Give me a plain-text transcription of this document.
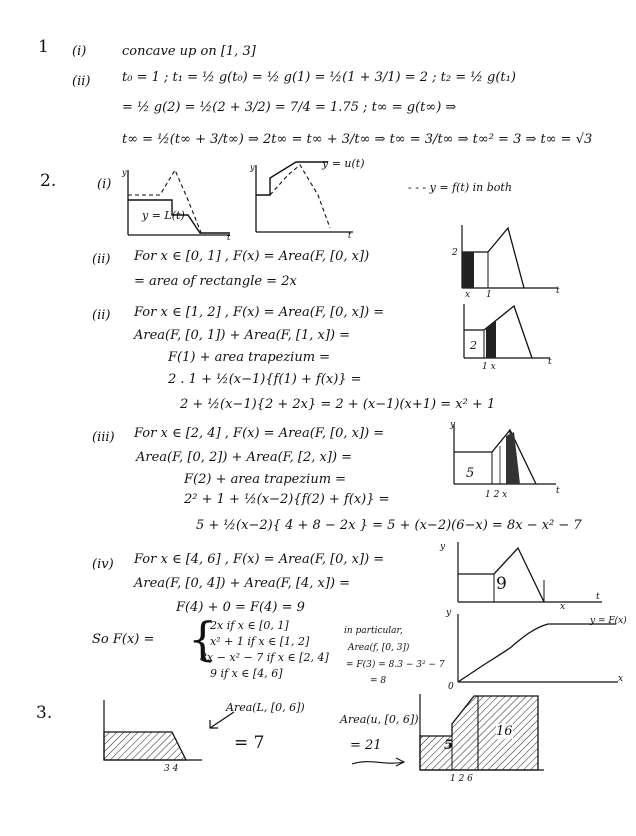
1 (i)	concave up on [1, 3]
(ii) t₀ = 1 ; t₁ = ½ g(t₀) = ½ g(1) = ½(1 + 3/1) = 2 ; t₂ = ½ g(t₁)
= ½ g(2) = ½(2 + 3/2) = 7/4 = 1.75 ; t∞ = g(t∞) ⇒
t∞ = ½(t∞ + 3/t∞) ⇒ 2t∞ = t∞ + 3/t∞ ⇒ t∞ = 3/t∞ ⇒ t∞² = 3 ⇒ t∞ = √3
2.	(i)
y
t
y = L(t)
y
t
y = u(t)
- - - y = f(t) in both
(ii) For x ∈ [0, 1] , F(x) = Area(F, [0, x])
= area of rectangle = 2x
2
x 1	t
(ii) For x ∈ [1, 2] , F(x) = Area(F, [0, x]) =
Area(F, [0, 1]) + Area(F, [1, x]) =
F(1) + area trapezium =
2 . 1 + ½(x−1){f(1) + f(x)} =
2 + ½(x−1){2 + 2x} = 2 + (x−1)(x+1) = x² + 1
2
1 x	t
(iii) For x ∈ [2, 4] , F(x) = Area(F, [0, x]) =
Area(F, [0, 2]) + Area(F, [2, x]) =
F(2) + area trapezium =
2² + 1 + ½(x−2){f(2) + f(x)} =
5 + ½(x−2){ 4 + 8 − 2x } = 5 + (x−2)(6−x) = 8x − x² − 7
5
y
1 2 x	t
(iv) For x ∈ [4, 6] , F(x) = Area(F, [0, x]) =
Area(F, [0, 4]) + Area(F, [4, x]) =
F(4) + 0 = F(4) = 9
y
9
x
t
So F(x) = {
2x if x ∈ [0, 1]
x² + 1 if x ∈ [1, 2]
8x − x² − 7 if x ∈ [2, 4]
9 if x ∈ [4, 6]
in particular,
Area(f, [0, 3])
= F(3) = 8.3 − 3² − 7
= 8
y
y = F(x)
x
0
3.
3 4
Area(L, [0, 6])
= 7
Area(u, [0, 6])
= 21	5
16
1 2 6
